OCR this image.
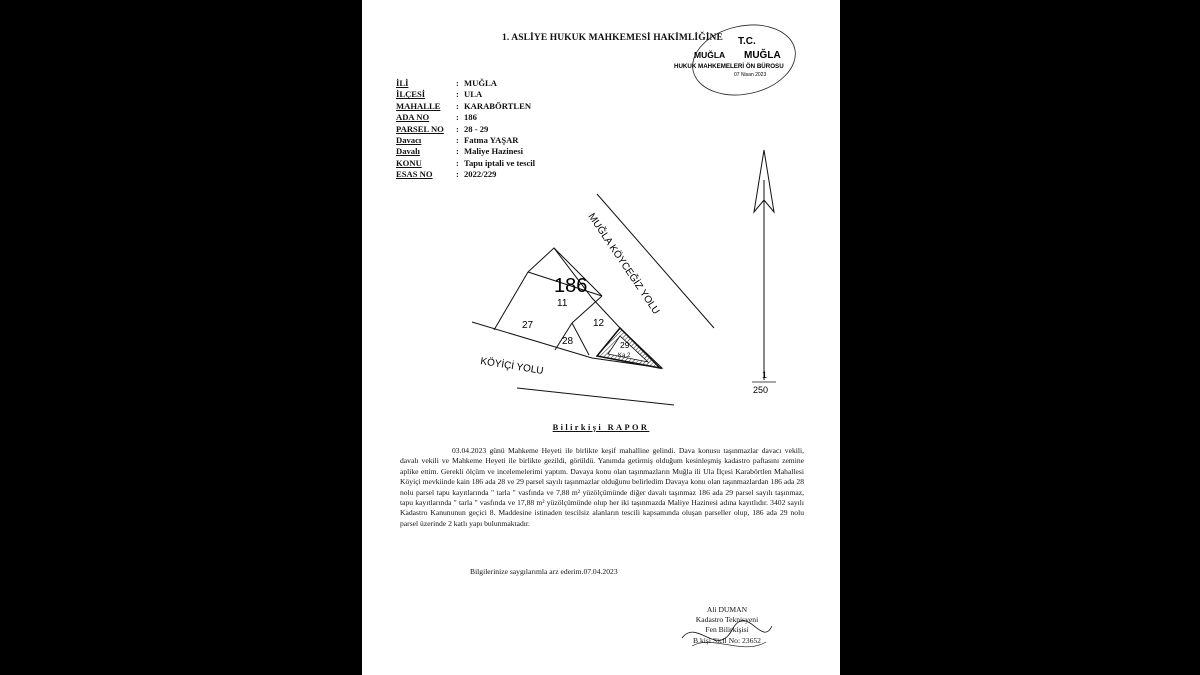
1. ASLİYE HUKUK MAHKEMESİ HAKİMLİĞİNE T.C.
MUĞLA MUĞLA
HUKUK MAHKEMELERİ ÖN BÜROSU
07 Nisan 2023
İLİ	: MUĞLA
İLÇESİ	: ULA
MAHALLE	: KARABÖRTLEN
ADA NO	: 186
PARSEL NO	: 28 - 29
Davacı	: Fatma YAŞAR
Davalı	: Maliye Hazinesi
KONU	: Tapu iptali ve tescil
ESAS NO	: 2022/229
186
11
27
28
12
29
Ka.2
MUĞLA KÖYCEĞİZ YOLU
KÖYİÇİ YOLU	1
250
Bilirkişi RAPOR

03.04.2023 günü Mahkeme Heyeti ile birlikte keşif mahalline gelindi. Dava konusu taşınmazlar davacı vekili, davalı vekili ve Mahkeme Heyeti ile birlikte gezildi, görüldü. Yanımda getirmiş olduğum kesinleşmiş kadastro paftasını zemine aplike ettim. Gerekli ölçüm ve incelemelerimi yaptım. Davaya konu olan taşınmazların Muğla ili Ula İlçesi Karabörtlen Mahallesi Köyiçi mevkiinde kain 186 ada 28 ve 29 parsel sayılı taşınmazlar olduğunu belirledim Davaya konu olan taşınmazlardan 186 ada 28 nolu parsel tapu kayıtlarında " tarla " vasfında ve 7,88 m² yüzölçümünde diğer davalı taşınmaz 186 ada 29 parsel sayılı taşınmaz, tapu kayıtlarında " tarla " vasfında ve 17,88 m² yüzölçümünde olup her iki taşınmazda Maliye Hazinesi adına kayıtlıdır. 3402 sayılı Kadastro Kanununun geçici 8. Maddesine istinaden tescilsiz alanların tescili kapsamında oluşan parseller olup, 186 ada 29 nolu parsel üzerinde 2 katlı yapı bulunmaktadır.

Bilgilerinize saygılarımla arz ederim.07.04.2023
Ali DUMAN
Kadastro Teknisyeni
Fen Bilirkişisi
B.kişi Sicil No: 23652
